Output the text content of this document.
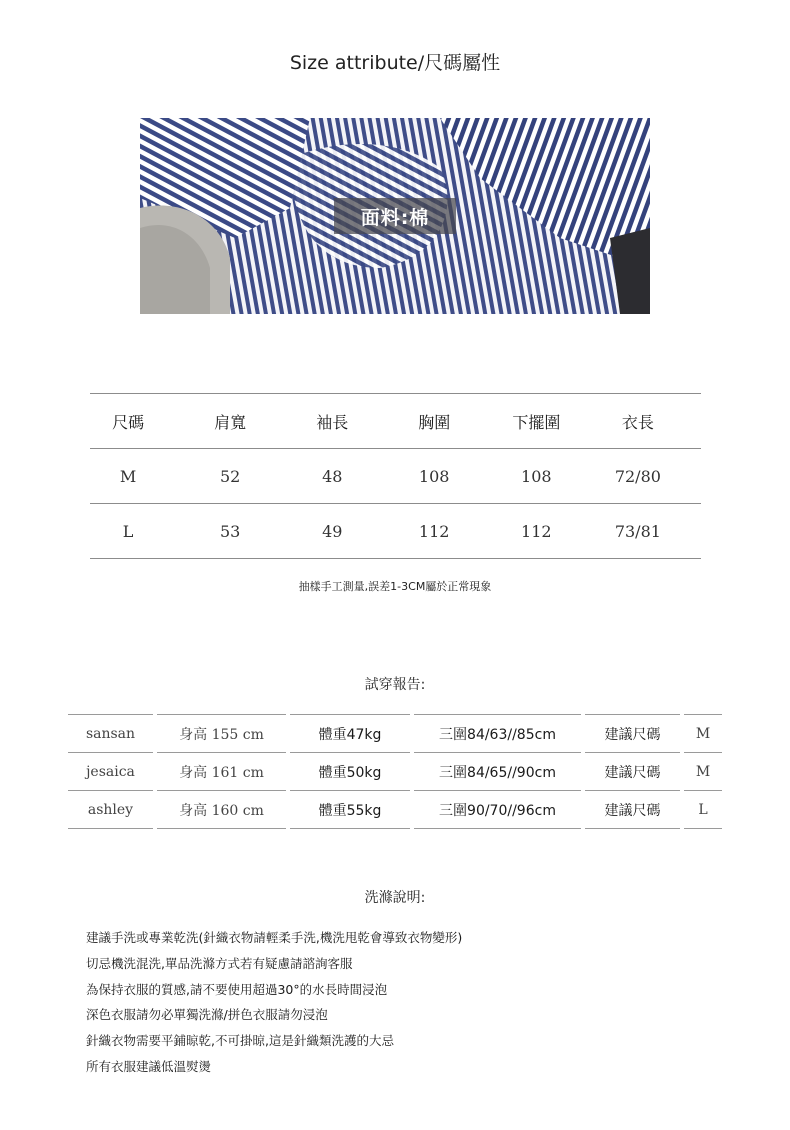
Size attribute/尺碼屬性
面料:棉
尺碼	肩寬	袖長	胸圍	下擺圍	衣長
M	52	48	108	108	72/80
L	53	49	112	112	73/81
抽樣手工測量,誤差1-3CM屬於正常現象
試穿報告:
sansan	身高 155 cm	體重47kg	三圍84/63//85cm	建議尺碼	M
jesaica	身高 161 cm	體重50kg	三圍84/65//90cm	建議尺碼	M
ashley	身高 160 cm	體重55kg	三圍90/70//96cm	建議尺碼	L
洗滌說明:
建議手洗或專業乾洗(針織衣物請輕柔手洗,機洗甩乾會導致衣物變形)
切忌機洗混洗,單品洗滌方式若有疑慮請諮詢客服
為保持衣服的質感,請不要使用超過30°的水長時間浸泡
深色衣服請勿必單獨洗滌/拼色衣服請勿浸泡
針織衣物需要平鋪晾乾,不可掛晾,這是針織類洗護的大忌
所有衣服建議低溫熨燙
